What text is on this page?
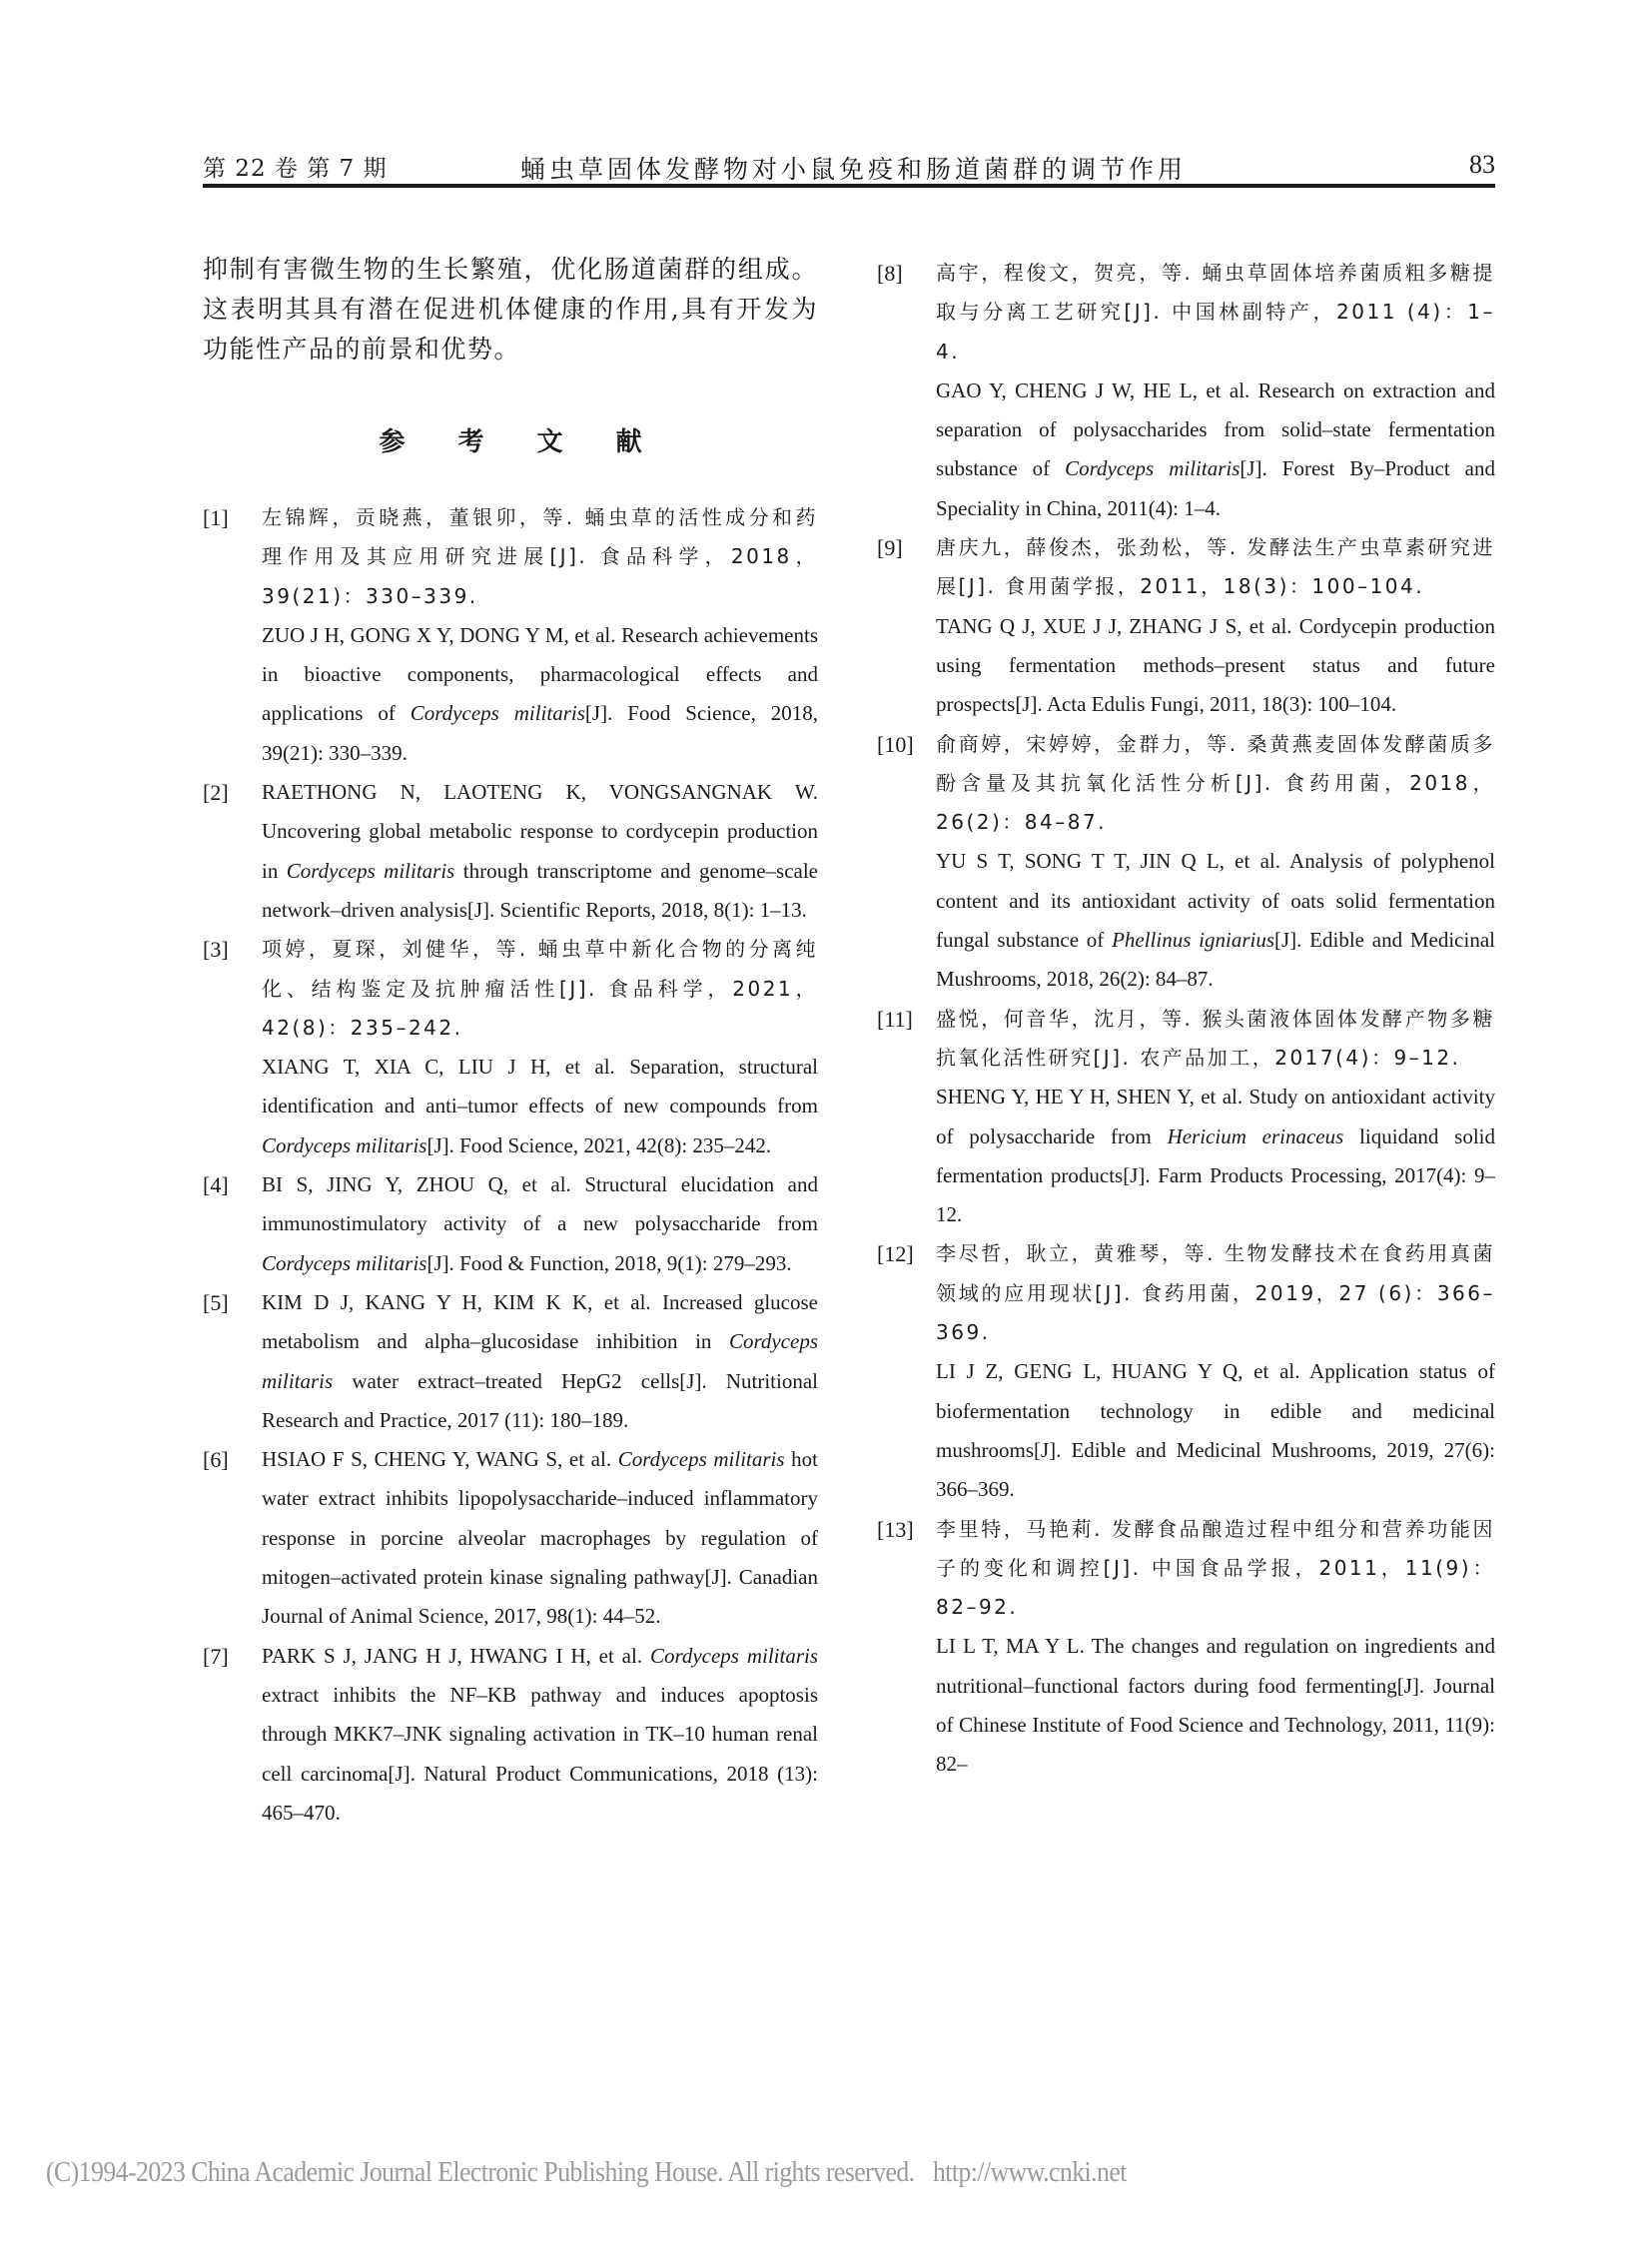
第 22 卷 第 7 期	蛹虫草固体发酵物对小鼠免疫和肠道菌群的调节作用	83

抑制有害微生物的生长繁殖，优化肠道菌群的组成。这表明其具有潜在促进机体健康的作用,具有开发为功能性产品的前景和优势。

参 考 文 献
[1] 左锦辉，贡晓燕，董银卯，等. 蛹虫草的活性成分和药理作用及其应用研究进展[J]. 食品科学，2018，39(21)：330–339.

ZUO J H, GONG X Y, DONG Y M, et al. Research achievements in bioactive components, pharmacological effects and applications of Cordyceps militaris[J]. Food Science, 2018, 39(21): 330–339.

[2] RAETHONG N, LAOTENG K, VONGSANGNAK W. Uncovering global metabolic response to cordycepin production in Cordyceps militaris through transcriptome and genome–scale network–driven analysis[J]. Scientific Reports, 2018, 8(1): 1–13.

[3] 项婷，夏琛，刘健华，等. 蛹虫草中新化合物的分离纯化、结构鉴定及抗肿瘤活性[J]. 食品科学，2021，42(8)：235–242.

XIANG T, XIA C, LIU J H, et al. Separation, structural identification and anti–tumor effects of new compounds from Cordyceps militaris[J]. Food Science, 2021, 42(8): 235–242.

[4] BI S, JING Y, ZHOU Q, et al. Structural elucidation and immunostimulatory activity of a new polysaccharide from Cordyceps militaris[J]. Food & Function, 2018, 9(1): 279–293.

[5] KIM D J, KANG Y H, KIM K K, et al. Increased glucose metabolism and alpha–glucosidase inhibition in Cordyceps militaris water extract–treated HepG2 cells[J]. Nutritional Research and Practice, 2017 (11): 180–189.

[6] HSIAO F S, CHENG Y, WANG S, et al. Cordyceps militaris hot water extract inhibits lipopolysaccharide–induced inflammatory response in porcine alveolar macrophages by regulation of mitogen–activated protein kinase signaling pathway[J]. Canadian Journal of Animal Science, 2017, 98(1): 44–52.

[7] PARK S J, JANG H J, HWANG I H, et al. Cordyceps militaris extract inhibits the NF–KB pathway and induces apoptosis through MKK7–JNK signaling activation in TK–10 human renal cell carcinoma[J]. Natural Product Communications, 2018 (13): 465–470.

[8] 高宇，程俊文，贺亮，等. 蛹虫草固体培养菌质粗多糖提取与分离工艺研究[J]. 中国林副特产，2011 (4)：1–4.

GAO Y, CHENG J W, HE L, et al. Research on extraction and separation of polysaccharides from solid–state fermentation substance of Cordyceps militaris[J]. Forest By–Product and Speciality in China, 2011(4): 1–4.

[9] 唐庆九，薛俊杰，张劲松，等. 发酵法生产虫草素研究进展[J]. 食用菌学报，2011，18(3)：100–104.

TANG Q J, XUE J J, ZHANG J S, et al. Cordycepin production using fermentation methods–present status and future prospects[J]. Acta Edulis Fungi, 2011, 18(3): 100–104.

[10] 俞商婷，宋婷婷，金群力，等. 桑黄燕麦固体发酵菌质多酚含量及其抗氧化活性分析[J]. 食药用菌，2018，26(2)：84–87.

YU S T, SONG T T, JIN Q L, et al. Analysis of polyphenol content and its antioxidant activity of oats solid fermentation fungal substance of Phellinus igniarius[J]. Edible and Medicinal Mushrooms, 2018, 26(2): 84–87.

[11] 盛悦，何音华，沈月，等. 猴头菌液体固体发酵产物多糖抗氧化活性研究[J]. 农产品加工，2017(4)：9–12.

SHENG Y, HE Y H, SHEN Y, et al. Study on antioxidant activity of polysaccharide from Hericium erinaceus liquidand solid fermentation products[J]. Farm Products Processing, 2017(4): 9–12.

[12] 李尽哲，耿立，黄雅琴，等. 生物发酵技术在食药用真菌领域的应用现状[J]. 食药用菌，2019，27 (6)：366–369.

LI J Z, GENG L, HUANG Y Q, et al. Application status of biofermentation technology in edible and medicinal mushrooms[J]. Edible and Medicinal Mushrooms, 2019, 27(6): 366–369.

[13] 李里特，马艳莉. 发酵食品酿造过程中组分和营养功能因子的变化和调控[J]. 中国食品学报，2011，11(9)：82–92.

LI L T, MA Y L. The changes and regulation on ingredients and nutritional–functional factors during food fermenting[J]. Journal of Chinese Institute of Food Science and Technology, 2011, 11(9): 82–

(C)1994-2023 China Academic Journal Electronic Publishing House. All rights reserved. http://www.cnki.net
